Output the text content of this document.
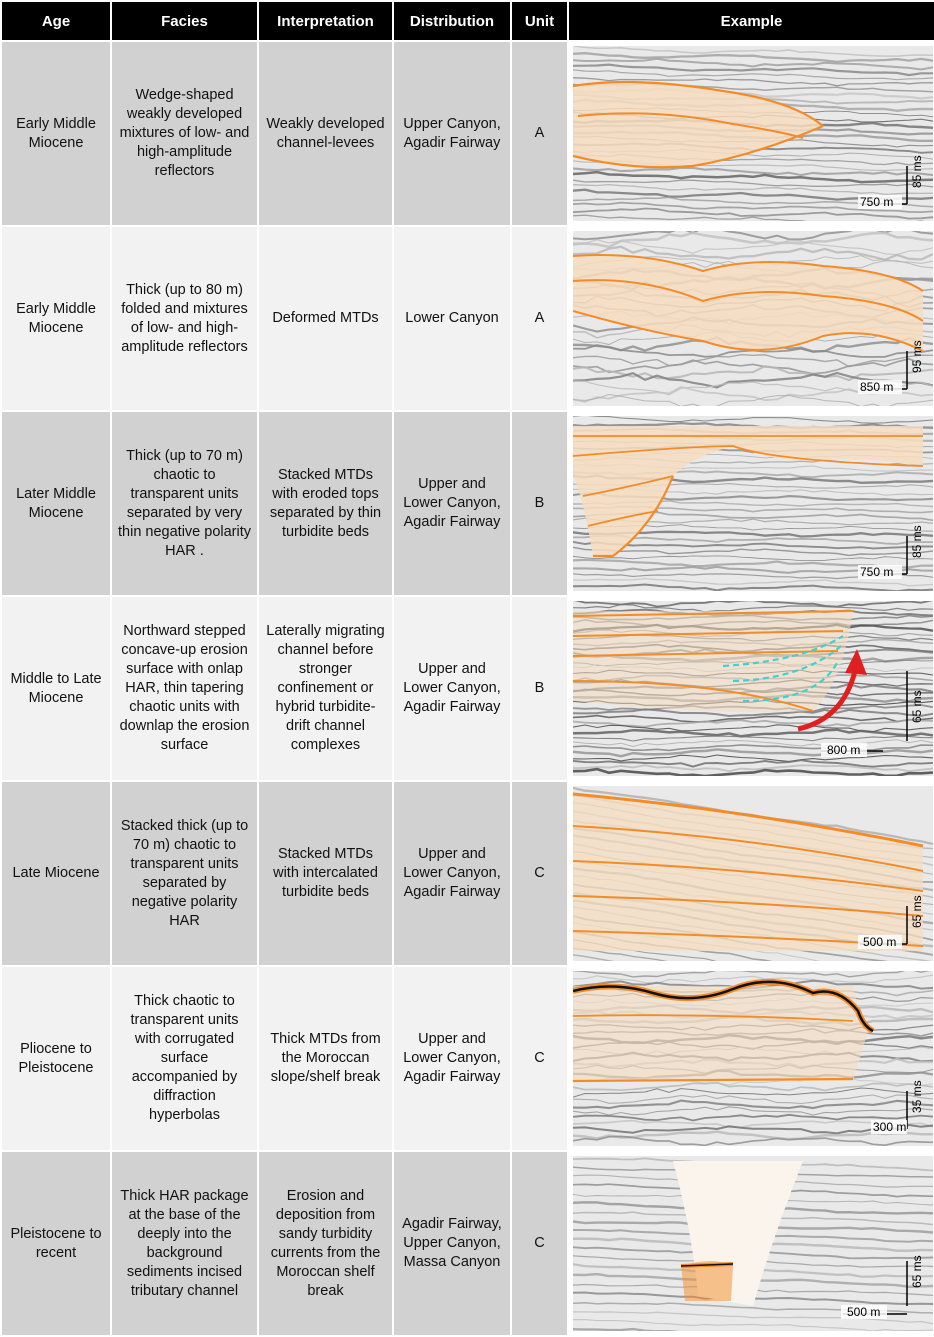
Age	Facies	Interpretation	Distribution	Unit	Example
Early Middle Miocene	Wedge-shaped weakly developed mixtures of low- and high-amplitude reflectors	Weakly developed channel-levees	Upper Canyon, Agadir Fairway	A	750 m
85 ms

Early Middle Miocene	Thick (up to 80 m) folded and mixtures of low- and high-amplitude reflectors	Deformed MTDs	Lower Canyon	A	850 m
95 ms

Later Middle Miocene	Thick (up to 70 m) chaotic to transparent units separated by very thin negative polarity HAR .	Stacked MTDs with eroded tops separated by thin turbidite beds	Upper and Lower Canyon, Agadir Fairway	B	750 m
85 ms

Middle to Late Miocene	Northward stepped concave-up erosion surface with onlap HAR, thin tapering chaotic units with downlap the erosion surface	Laterally migrating channel before stronger confinement or hybrid turbidite-drift channel complexes	Upper and Lower Canyon, Agadir Fairway	B	800 m
65 ms

Late Miocene	Stacked thick (up to 70 m) chaotic to transparent units separated by negative polarity HAR	Stacked MTDs with intercalated turbidite beds	Upper and Lower Canyon, Agadir Fairway	C	500 m
65 ms

Pliocene to Pleistocene	Thick chaotic to transparent units with corrugated surface accompanied by diffraction hyperbolas	Thick MTDs from the Moroccan slope/shelf break	Upper and Lower Canyon, Agadir Fairway	C	300 m
35 ms

Pleistocene to recent	Thick HAR package at the base of the deeply into the background sediments incised tributary channel	Erosion and deposition from sandy turbidity currents from the Moroccan shelf break	Agadir Fairway, Upper Canyon, Massa Canyon	C	500 m
65 ms
